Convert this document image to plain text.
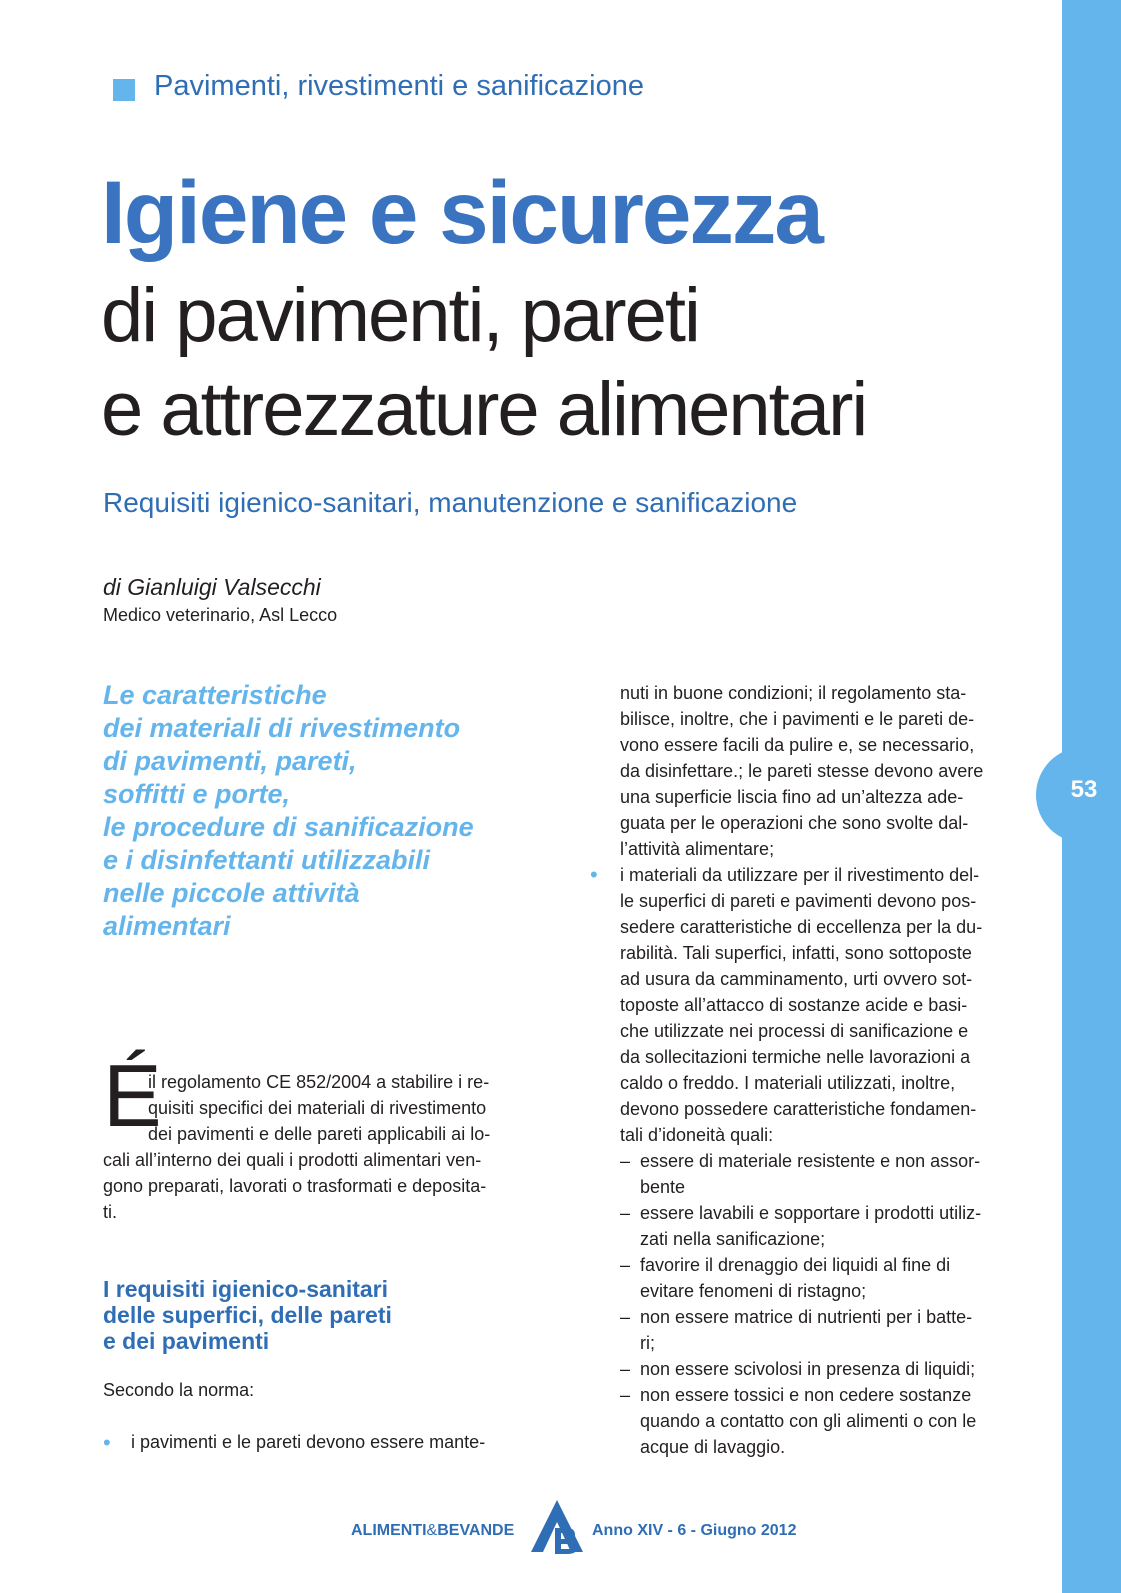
53
Pavimenti, rivestimenti e sanificazione
Igiene e sicurezza
di pavimenti, pareti
e attrezzature alimentari
Requisiti igienico-sanitari, manutenzione e sanificazione
di Gianluigi Valsecchi
Medico veterinario, Asl Lecco
Le caratteristiche
dei materiali di rivestimento
di pavimenti, pareti,
soffitti e porte,
le procedure di sanificazione
e i disinfettanti utilizzabili
nelle piccole attività
alimentari
É
il regolamento CE 852/2004 a stabilire i re-
quisiti specifici dei materiali di rivestimento
dei pavimenti e delle pareti applicabili ai lo-
cali all’interno dei quali i prodotti alimentari ven-
gono preparati, lavorati o trasformati e deposita-
ti.
I requisiti igienico-sanitari
delle superfici, delle pareti
e dei pavimenti
Secondo la norma:
• i pavimenti e le pareti devono essere mante-
nuti in buone condizioni; il regolamento sta-
bilisce, inoltre, che i pavimenti e le pareti de-
vono essere facili da pulire e, se necessario,
da disinfettare.; le pareti stesse devono avere
una superficie liscia fino ad un’altezza ade-
guata per le operazioni che sono svolte dal-
l’attività alimentare;
• i materiali da utilizzare per il rivestimento del-
le superfici di pareti e pavimenti devono pos-
sedere caratteristiche di eccellenza per la du-
rabilità. Tali superfici, infatti, sono sottoposte
ad usura da camminamento, urti ovvero sot-
toposte all’attacco di sostanze acide e basi-
che utilizzate nei processi di sanificazione e
da sollecitazioni termiche nelle lavorazioni a
caldo o freddo. I materiali utilizzati, inoltre,
devono possedere caratteristiche fondamen-
tali d’idoneità quali:
– essere di materiale resistente e non assor-
bente
– essere lavabili e sopportare i prodotti utiliz-
zati nella sanificazione;
– favorire il drenaggio dei liquidi al fine di
evitare fenomeni di ristagno;
– non essere matrice di nutrienti per i batte-
ri;
– non essere scivolosi in presenza di liquidi;
– non essere tossici e non cedere sostanze
quando a contatto con gli alimenti o con le
acque di lavaggio.
ALIMENTI&BEVANDE	Anno XIV - 6 - Giugno 2012
